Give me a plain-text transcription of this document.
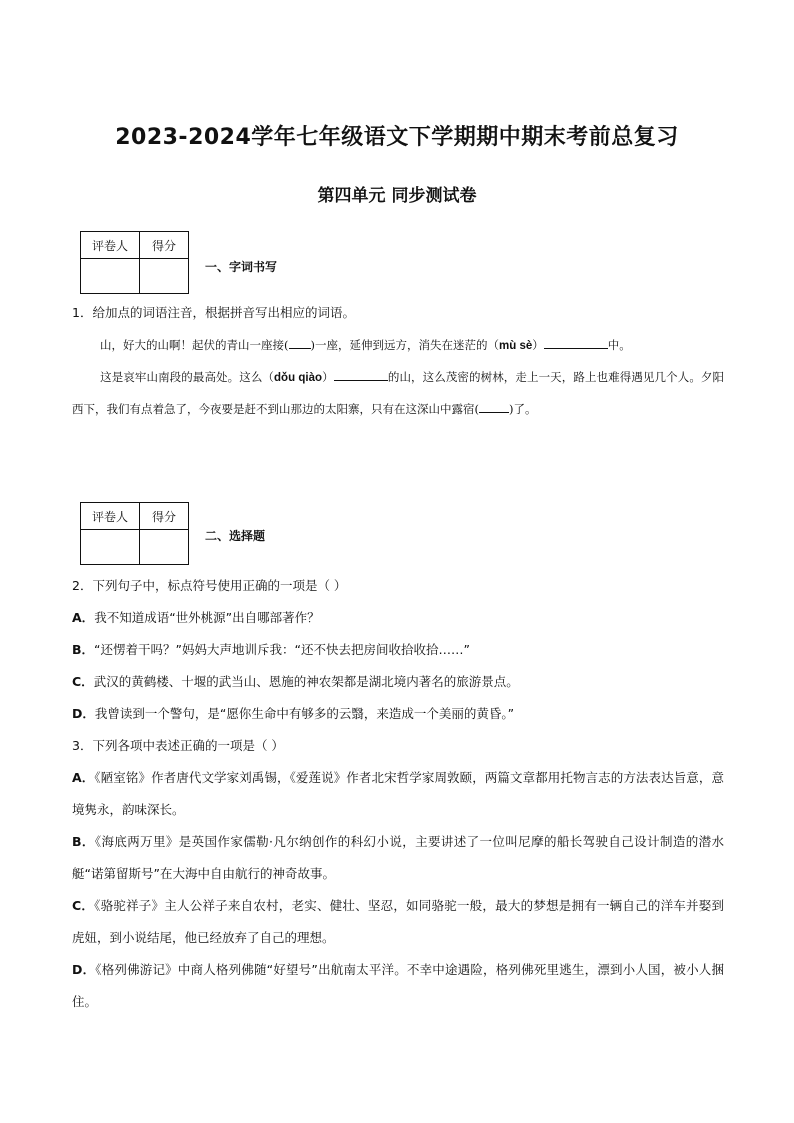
2023-2024学年七年级语文下学期期中期末考前总复习
第四单元 同步测试卷
评卷人	得分

一、字词书写
1．给加点的词语注音，根据拼音写出相应的词语。
山，好大的山啊！起伏的青山一座接( )一座，延伸到远方，消失在迷茫的（mù sè）	中。
这是哀牢山南段的最高处。这么（dǒu qiào）	的山，这么茂密的树林，走上一天，路上也难得遇见几个人。夕阳西下，我们有点着急了，今夜要是赶不到山那边的太阳寨，只有在这深山中露宿(	)了。
评卷人	得分

二、选择题
2．下列句子中，标点符号使用正确的一项是（ ）
A．我不知道成语“世外桃源”出自哪部著作？
B．“还愣着干吗？”妈妈大声地训斥我：“还不快去把房间收拾收拾……”
C．武汉的黄鹤楼、十堰的武当山、恩施的神农架都是湖北境内著名的旅游景点。
D．我曾读到一个警句，是“愿你生命中有够多的云翳，来造成一个美丽的黄昏。”
3．下列各项中表述正确的一项是（ ）
A．《陋室铭》作者唐代文学家刘禹锡，《爱莲说》作者北宋哲学家周敦颐，两篇文章都用托物言志的方法表达旨意，意境隽永，韵味深长。
B．《海底两万里》是英国作家儒勒·凡尔纳创作的科幻小说，主要讲述了一位叫尼摩的船长驾驶自己设计制造的潜水艇“诺第留斯号”在大海中自由航行的神奇故事。
C．《骆驼祥子》主人公祥子来自农村，老实、健壮、坚忍，如同骆驼一般，最大的梦想是拥有一辆自己的洋车并娶到虎妞，到小说结尾，他已经放弃了自己的理想。
D．《格列佛游记》中商人格列佛随“好望号”出航南太平洋。不幸中途遇险，格列佛死里逃生，漂到小人国，被小人捆住。
